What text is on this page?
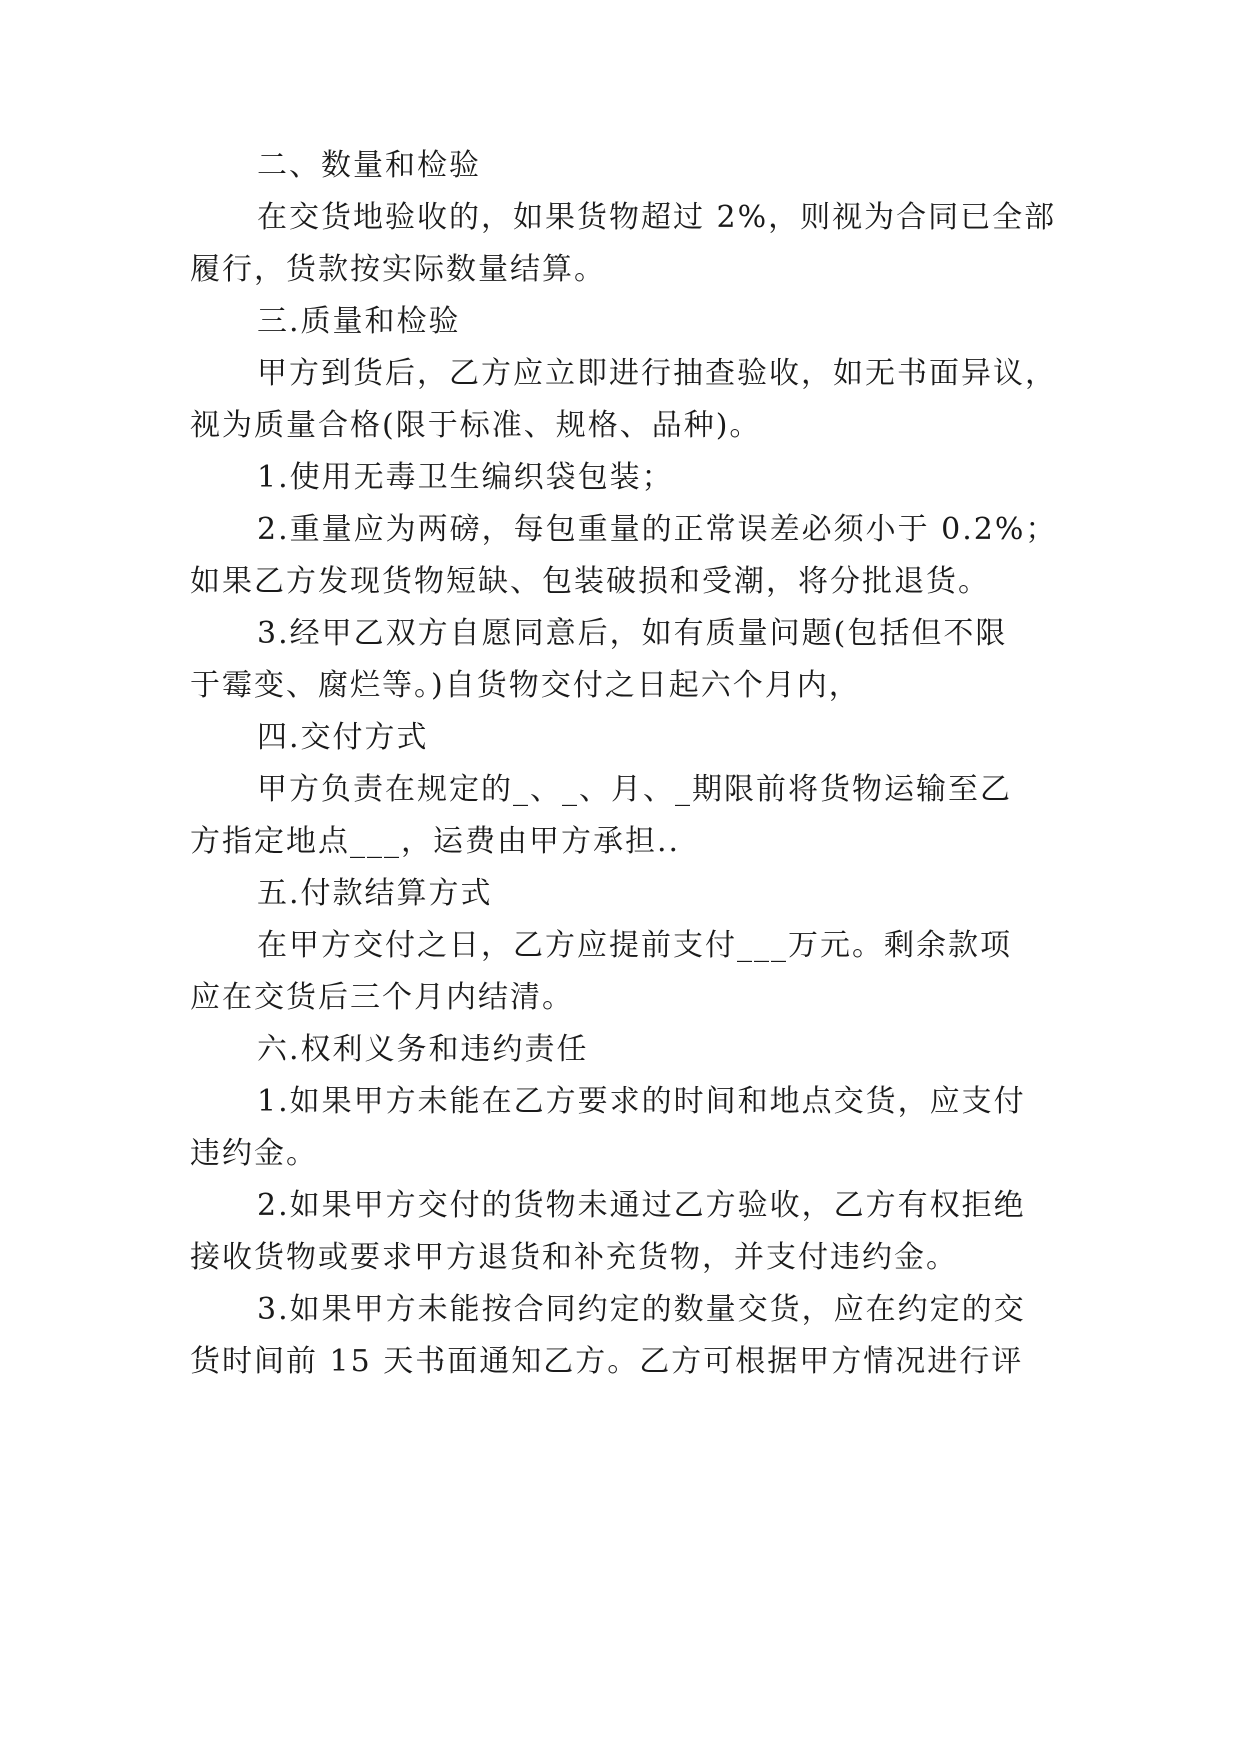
二、数量和检验
在交货地验收的，如果货物超过 2%，则视为合同已全部
履行，货款按实际数量结算。
三.质量和检验
甲方到货后，乙方应立即进行抽查验收，如无书面异议，
视为质量合格(限于标准、规格、品种)。
1.使用无毒卫生编织袋包装；
2.重量应为两磅，每包重量的正常误差必须小于 0.2%；
如果乙方发现货物短缺、包装破损和受潮，将分批退货。
3.经甲乙双方自愿同意后，如有质量问题(包括但不限
于霉变、腐烂等。)自货物交付之日起六个月内，
四.交付方式
甲方负责在规定的_、_、月、_期限前将货物运输至乙
方指定地点___，运费由甲方承担..
五.付款结算方式
在甲方交付之日，乙方应提前支付___万元。剩余款项
应在交货后三个月内结清。
六.权利义务和违约责任
1.如果甲方未能在乙方要求的时间和地点交货，应支付
违约金。
2.如果甲方交付的货物未通过乙方验收，乙方有权拒绝
接收货物或要求甲方退货和补充货物，并支付违约金。
3.如果甲方未能按合同约定的数量交货，应在约定的交
货时间前 15 天书面通知乙方。乙方可根据甲方情况进行评
